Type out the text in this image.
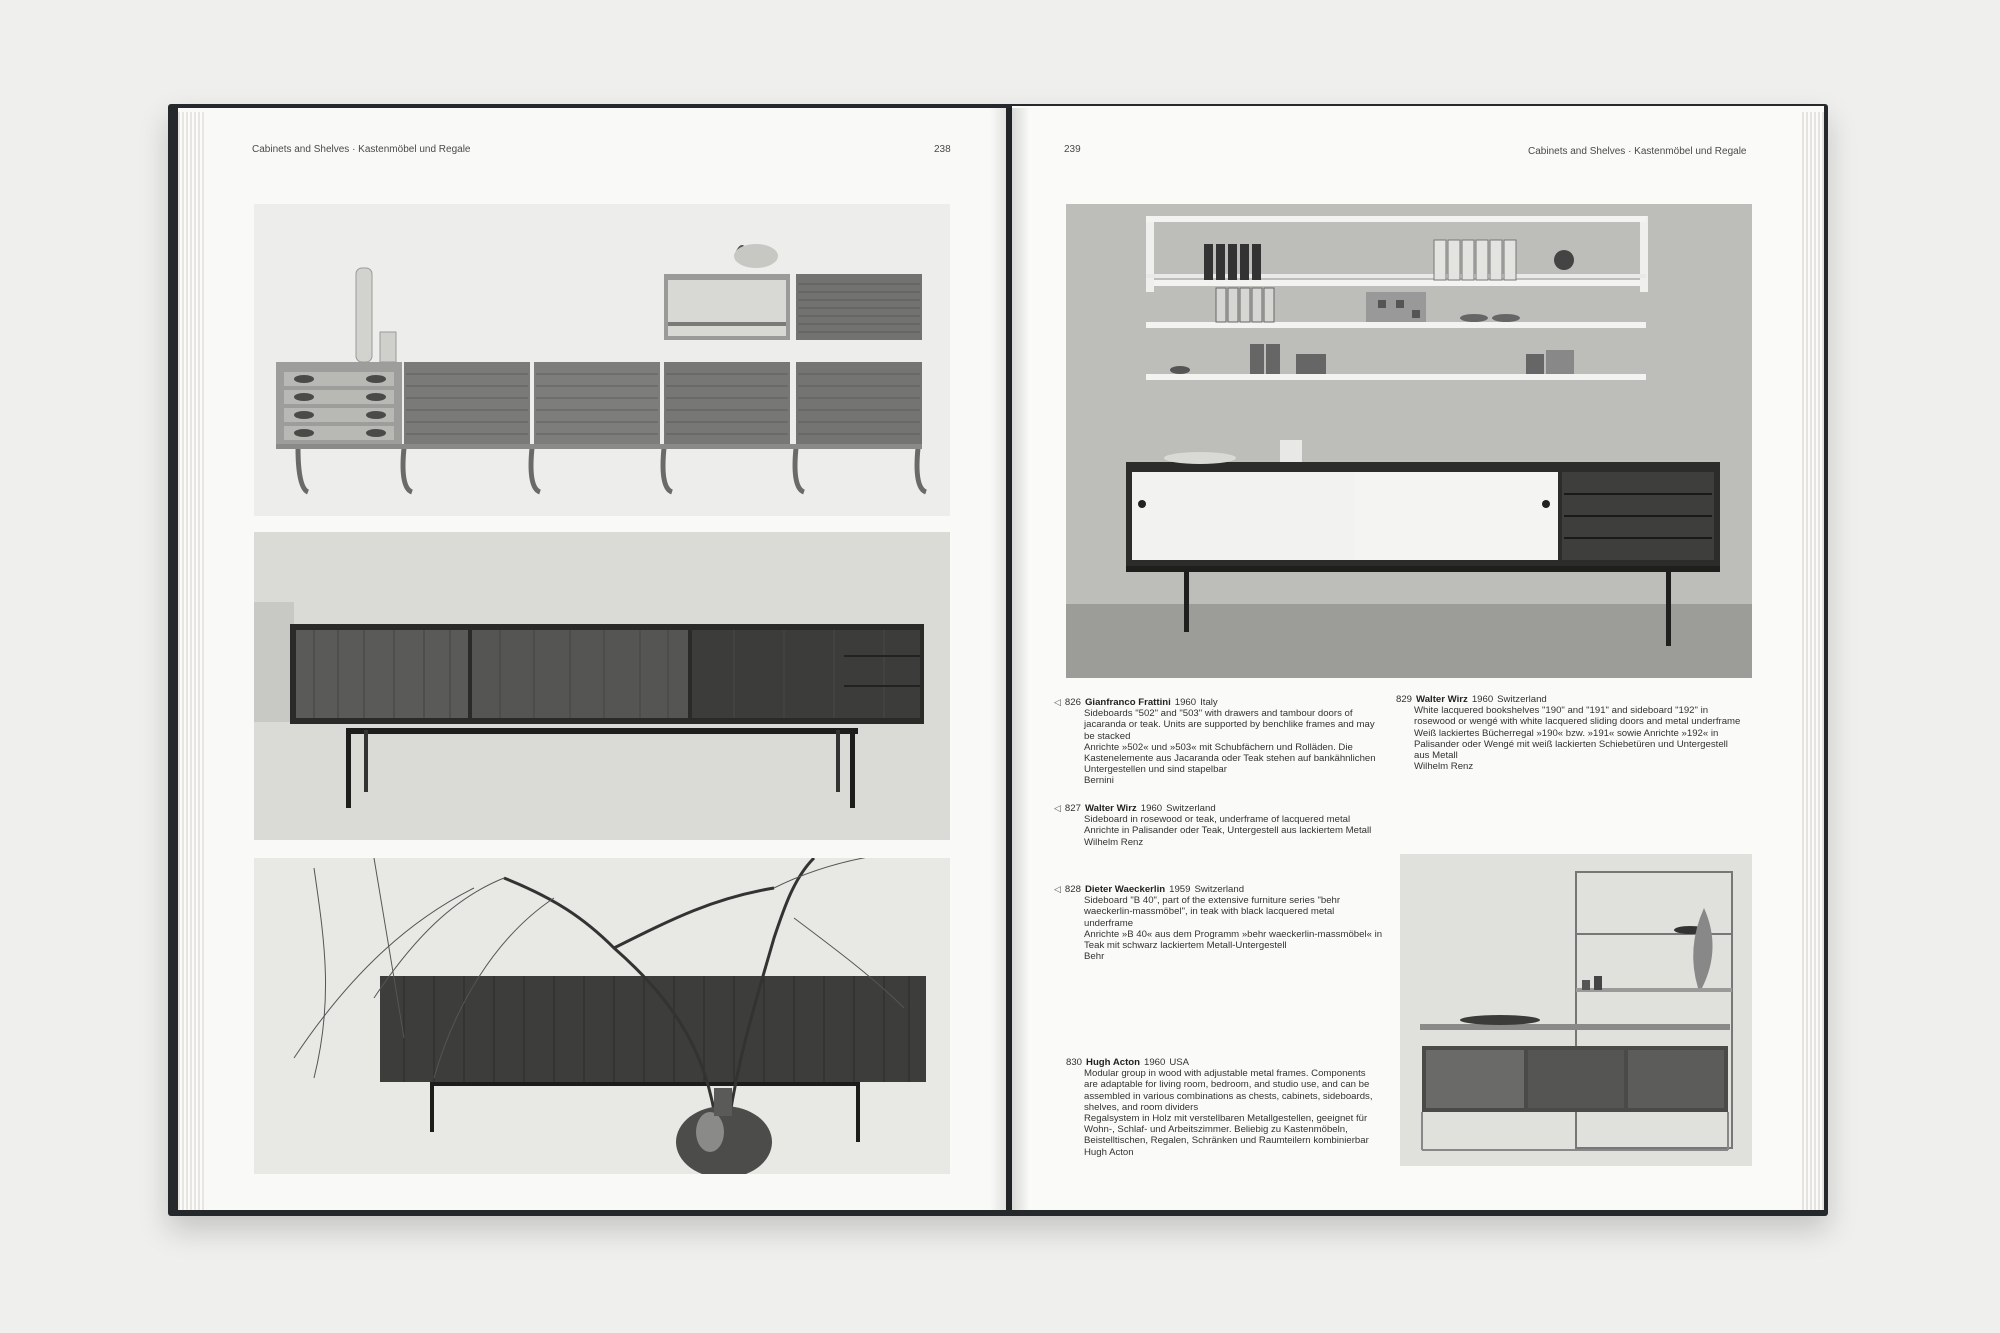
Cabinets and Shelves · Kastenmöbel und Regale	238	239	Cabinets and Shelves · Kastenmöbel und Regale
◁ 826 Gianfranco Frattini 1960 Italy
Sideboards "502" and "503" with drawers and tambour doors of jacaranda or teak. Units are supported by benchlike frames and may be stacked
Anrichte »502« und »503« mit Schubfächern und Rolläden. Die Kastenelemente aus Jacaranda oder Teak stehen auf bankähnlichen Untergestellen und sind stapelbar
Bernini
◁ 827 Walter Wirz 1960 Switzerland
Sideboard in rosewood or teak, underframe of lacquered metal
Anrichte in Palisander oder Teak, Untergestell aus lackiertem Metall
Wilhelm Renz
◁ 828 Dieter Waeckerlin 1959 Switzerland
Sideboard "B 40", part of the extensive furniture series "behr waeckerlin-massmöbel", in teak with black lacquered metal underframe
Anrichte »B 40« aus dem Programm »behr waeckerlin-massmöbel« in Teak mit schwarz lackiertem Metall-Untergestell
Behr
829 Walter Wirz 1960 Switzerland
White lacquered bookshelves "190" and "191" and sideboard "192" in rosewood or wengé with white lacquered sliding doors and metal underframe
Weiß lackiertes Bücherregal »190« bzw. »191« sowie Anrichte »192« in Palisander oder Wengé mit weiß lackierten Schiebetüren und Untergestell aus Metall
Wilhelm Renz
830 Hugh Acton 1960 USA
Modular group in wood with adjustable metal frames. Components are adaptable for living room, bedroom, and studio use, and can be assembled in various combinations as chests, cabinets, sideboards, shelves, and room dividers
Regalsystem in Holz mit verstellbaren Metallgestellen, geeignet für Wohn-, Schlaf- und Arbeitszimmer. Beliebig zu Kastenmöbeln, Beistelltischen, Regalen, Schränken und Raumteilern kombinierbar
Hugh Acton
